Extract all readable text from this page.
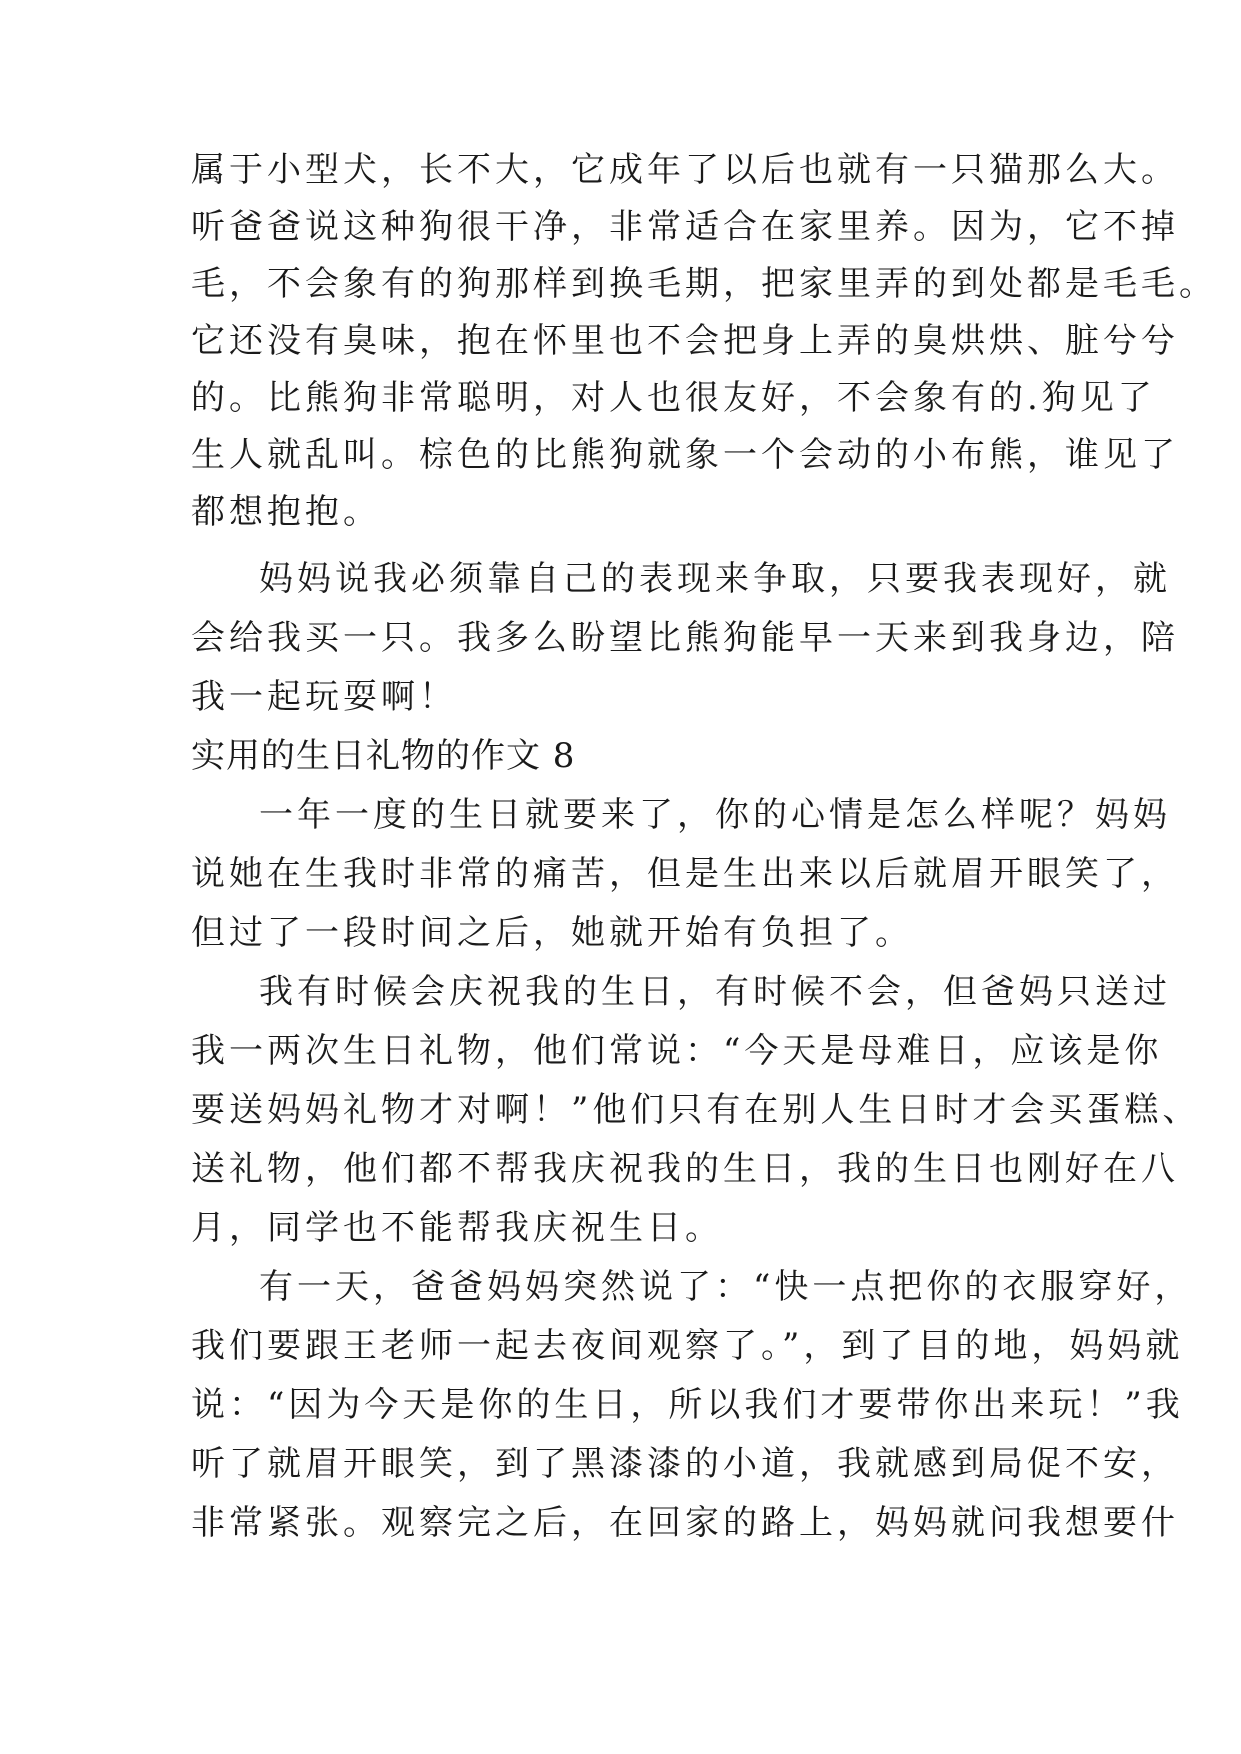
属于小型犬，长不大，它成年了以后也就有一只猫那么大。
听爸爸说这种狗很干净，非常适合在家里养。因为，它不掉
毛，不会象有的狗那样到换毛期，把家里弄的到处都是毛毛。
它还没有臭味，抱在怀里也不会把身上弄的臭烘烘、脏兮兮
的。比熊狗非常聪明，对人也很友好，不会象有的.狗见了
生人就乱叫。棕色的比熊狗就象一个会动的小布熊，谁见了
都想抱抱。
妈妈说我必须靠自己的表现来争取，只要我表现好，就
会给我买一只。我多么盼望比熊狗能早一天来到我身边，陪
我一起玩耍啊！
实用的生日礼物的作文 8
一年一度的生日就要来了，你的心情是怎么样呢？妈妈
说她在生我时非常的痛苦，但是生出来以后就眉开眼笑了，
但过了一段时间之后，她就开始有负担了。
我有时候会庆祝我的生日，有时候不会，但爸妈只送过
我一两次生日礼物，他们常说：“今天是母难日，应该是你
要送妈妈礼物才对啊！”他们只有在别人生日时才会买蛋糕、
送礼物，他们都不帮我庆祝我的生日，我的生日也刚好在八
月，同学也不能帮我庆祝生日。
有一天，爸爸妈妈突然说了：“快一点把你的衣服穿好，
我们要跟王老师一起去夜间观察了。”，到了目的地，妈妈就
说：“因为今天是你的生日，所以我们才要带你出来玩！”我
听了就眉开眼笑，到了黑漆漆的小道，我就感到局促不安，
非常紧张。观察完之后，在回家的路上，妈妈就问我想要什
